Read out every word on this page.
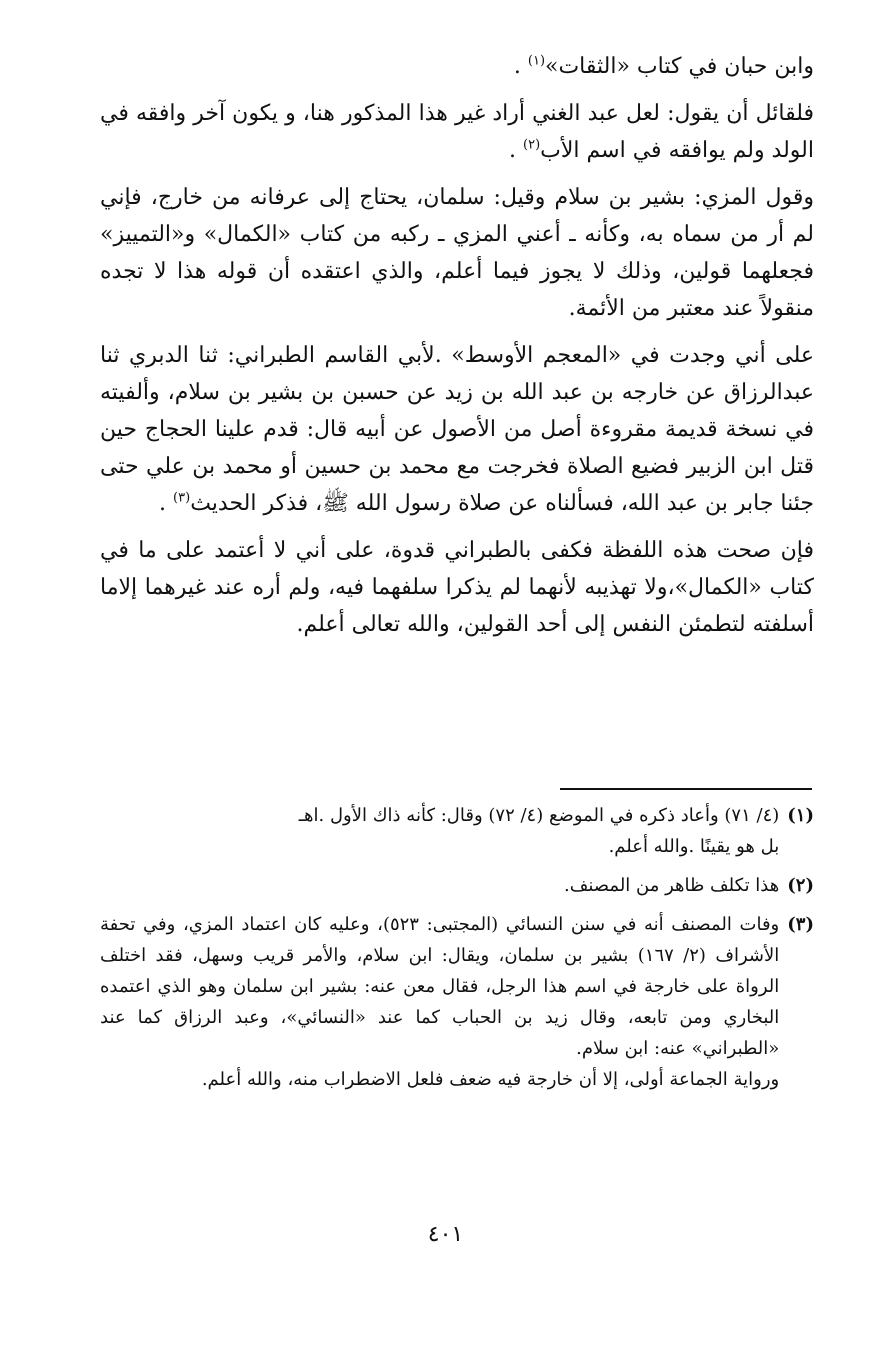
وابن حبان في كتاب «الثقات»$^{(١)}$ .

فلقائل أن يقول: لعل عبد الغني أراد غير هذا المذكور هنا، و يكون آخر وافقه في الولد ولم يوافقه في اسم الأب$^{(٢)}$ .

وقول المزي: بشير بن سلام وقيل: سلمان، يحتاج إلى عرفانه من خارج، فإني لم أر من سماه به، وكأنه ـ أعني المزي ـ ركبه من كتاب «الكمال» و«التمييز» فجعلهما قولين، وذلك لا يجوز فيما أعلم، والذي اعتقده أن قوله هذا لا تجده منقولاً عند معتبر من الأئمة.

على أني وجدت في «المعجم الأوسط» .لأبي القاسم الطبراني: ثنا الدبري ثنا عبدالرزاق عن خارجه بن عبد الله بن زيد عن حسبن بن بشير بن سلام، وألفيته في نسخة قديمة مقروءة أصل من الأصول عن أبيه قال: قدم علينا الحجاج حين قتل ابن الزبير فضيع الصلاة فخرجت مع محمد بن حسين أو محمد بن علي حتى جئنا جابر بن عبد الله، فسألناه عن صلاة رسول الله ﷺ، فذكر الحديث$^{(٣)}$ .

فإن صحت هذه اللفظة فكفى بالطبراني قدوة، على أني لا أعتمد على ما في كتاب «الكمال»،ولا تهذيبه لأنهما لم يذكرا سلفهما فيه، ولم أره عند غيرهما إلاما أسلفته لتطمئن النفس إلى أحد القولين، والله تعالى أعلم.

(١)
(٤/ ٧١) وأعاد ذكره في الموضع (٤/ ٧٢) وقال: كأنه ذاك الأول .اهـ
بل هو يقينًا .والله أعلم.
(٢)
هذا تكلف ظاهر من المصنف.
(٣)
وفات المصنف أنه في سنن النسائي (المجتبى: ٥٢٣)، وعليه كان اعتماد المزي، وفي تحفة الأشراف (٢/ ١٦٧) بشير بن سلمان، ويقال: ابن سلام، والأمر قريب وسهل، فقد اختلف الرواة على خارجة في اسم هذا الرجل، فقال معن عنه: بشير ابن سلمان وهو الذي اعتمده البخاري ومن تابعه، وقال زيد بن الحباب كما عند «النسائي»، وعبد الرزاق كما عند «الطبراني» عنه: ابن سلام.
ورواية الجماعة أولى، إلا أن خارجة فيه ضعف فلعل الاضطراب منه، والله أعلم.
٤٠١
